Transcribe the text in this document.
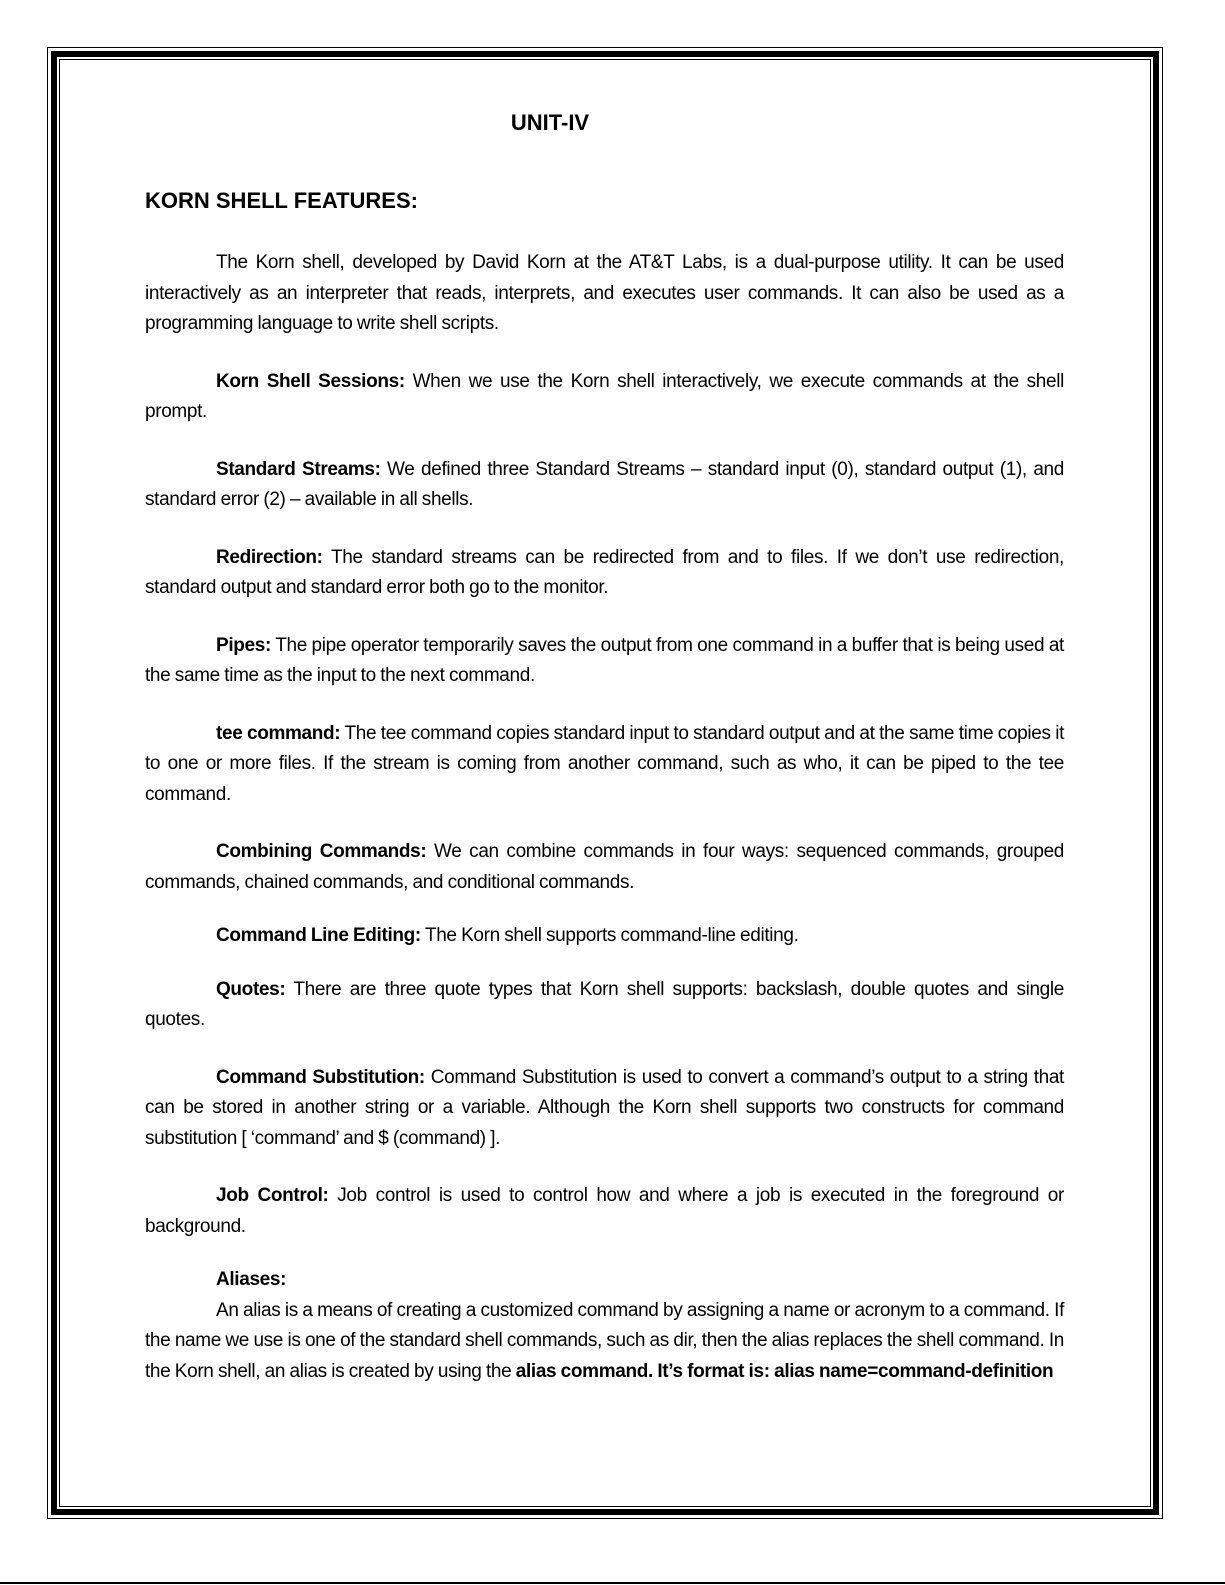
UNIT-IV
KORN SHELL FEATURES:

The Korn shell, developed by David Korn at the AT&T Labs, is a dual-purpose utility. It can be used interactively as an interpreter that reads, interprets, and executes user commands. It can also be used as a programming language to write shell scripts.

Korn Shell Sessions: When we use the Korn shell interactively, we execute commands at the shell prompt.

Standard Streams: We defined three Standard Streams – standard input (0), standard output (1), and standard error (2) – available in all shells.

Redirection: The standard streams can be redirected from and to files. If we don’t use redirection, standard output and standard error both go to the monitor.

Pipes: The pipe operator temporarily saves the output from one command in a buffer that is being used at the same time as the input to the next command.

tee command: The tee command copies standard input to standard output and at the same time copies it to one or more files. If the stream is coming from another command, such as who, it can be piped to the tee command.

Combining Commands: We can combine commands in four ways: sequenced commands, grouped commands, chained commands, and conditional commands.

Command Line Editing: The Korn shell supports command-line editing.

Quotes: There are three quote types that Korn shell supports: backslash, double quotes and single quotes.

Command Substitution: Command Substitution is used to convert a command’s output to a string that can be stored in another string or a variable. Although the Korn shell supports two constructs for command substitution [ ‘command’ and $ (command) ].

Job Control: Job control is used to control how and where a job is executed in the foreground or background.

Aliases:

An alias is a means of creating a customized command by assigning a name or acronym to a command. If the name we use is one of the standard shell commands, such as dir, then the alias replaces the shell command. In the Korn shell, an alias is created by using the alias command. It’s format is: alias name=command-definition
